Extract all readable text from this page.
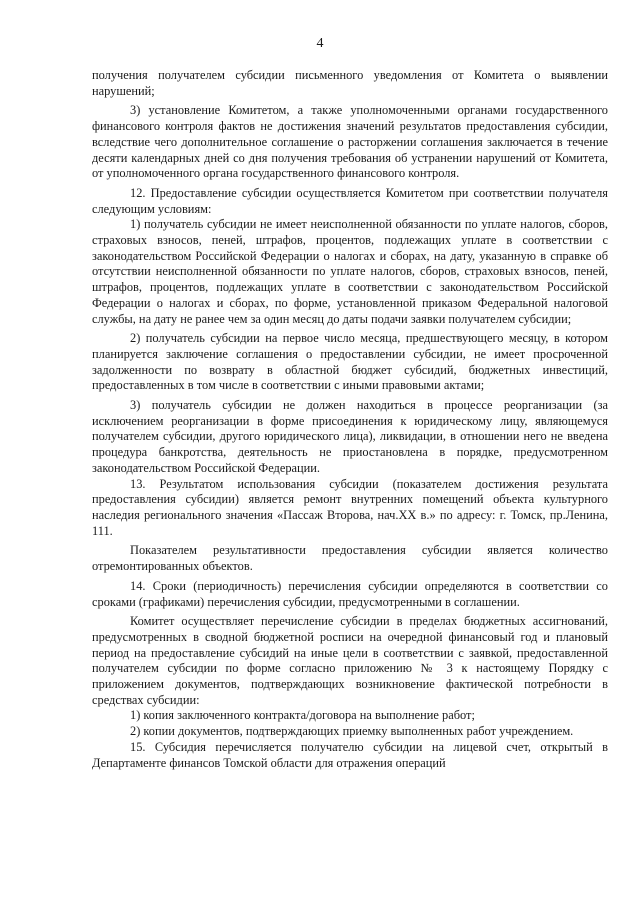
4

получения получателем субсидии письменного уведомления от Комитета о выявлении нарушений;

3) установление Комитетом, а также уполномоченными органами государственного финансового контроля фактов не достижения значений результатов предоставления субсидии, вследствие чего дополнительное соглашение о расторжении соглашения заключается в течение десяти календарных дней со дня получения требования об устранении нарушений от Комитета, от уполномоченного органа государственного финансового контроля.

12. Предоставление субсидии осуществляется Комитетом при соответствии получателя следующим условиям:

1) получатель субсидии не имеет неисполненной обязанности по уплате налогов, сборов, страховых взносов, пеней, штрафов, процентов, подлежащих уплате в соответствии с законодательством Российской Федерации о налогах и сборах, на дату, указанную в справке об отсутствии неисполненной обязанности по уплате налогов, сборов, страховых взносов, пеней, штрафов, процентов, подлежащих уплате в соответствии с законодательством Российской Федерации о налогах и сборах, по форме, установленной приказом Федеральной налоговой службы, на дату не ранее чем за один месяц до даты подачи заявки получателем субсидии;

2) получатель субсидии на первое число месяца, предшествующего месяцу, в котором планируется заключение соглашения о предоставлении субсидии, не имеет просроченной задолженности по возврату в областной бюджет субсидий, бюджетных инвестиций, предоставленных в том числе в соответствии с иными правовыми актами;

3) получатель субсидии не должен находиться в процессе реорганизации (за исключением реорганизации в форме присоединения к юридическому лицу, являющемуся получателем субсидии, другого юридического лица), ликвидации, в отношении него не введена процедура банкротства, деятельность не приостановлена в порядке, предусмотренном законодательством Российской Федерации.

13. Результатом использования субсидии (показателем достижения результата предоставления субсидии) является ремонт внутренних помещений объекта культурного наследия регионального значения «Пассаж Второва, нач.XX в.» по адресу: г. Томск, пр.Ленина, 111.

Показателем результативности предоставления субсидии является количество отремонтированных объектов.

14. Сроки (периодичность) перечисления субсидии определяются в соответствии со сроками (графиками) перечисления субсидии, предусмотренными в соглашении.

Комитет осуществляет перечисление субсидии в пределах бюджетных ассигнований, предусмотренных в сводной бюджетной росписи на очередной финансовый год и плановый период на предоставление субсидий на иные цели в соответствии с заявкой, предоставленной получателем субсидии по форме согласно приложению № 3 к настоящему Порядку с приложением документов, подтверждающих возникновение фактической потребности в средствах субсидии:

1) копия заключенного контракта/договора на выполнение работ;

2) копии документов, подтверждающих приемку выполненных работ учреждением.

15. Субсидия перечисляется получателю субсидии на лицевой счет, открытый в Департаменте финансов Томской области для отражения операций
